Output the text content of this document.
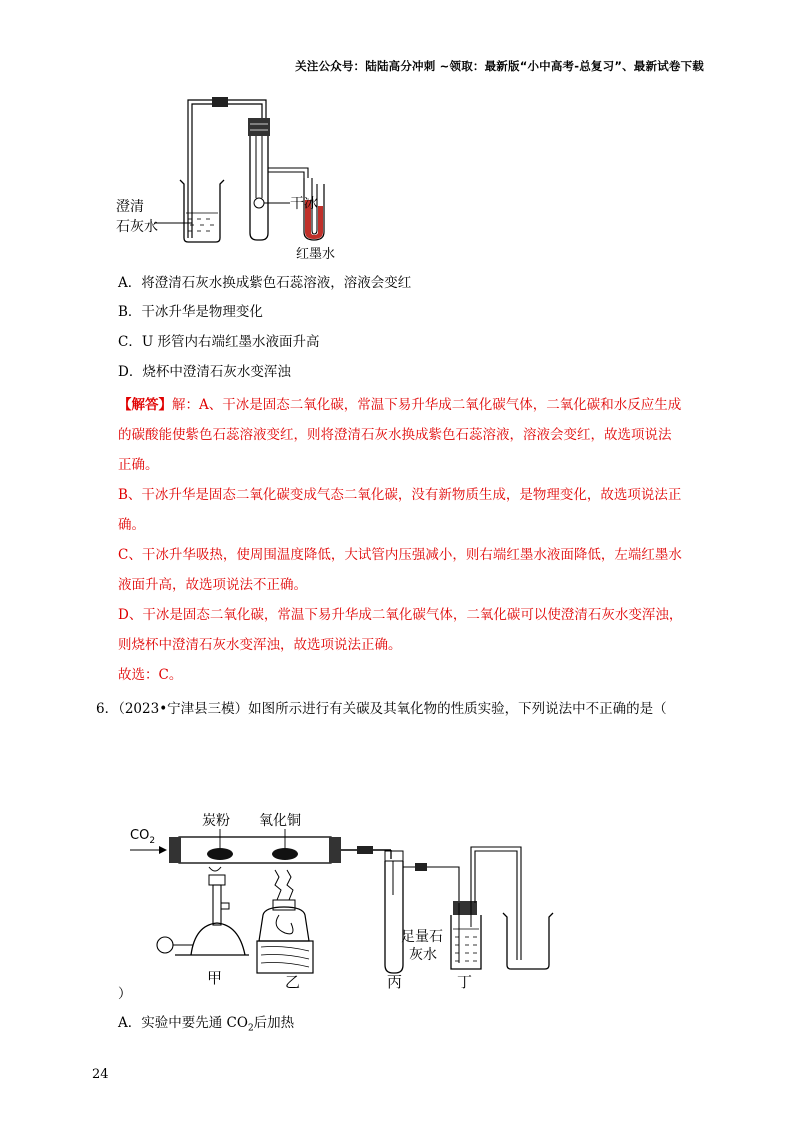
关注公众号：陆陆高分冲刺 ~领取：最新版“小中高考-总复习”、最新试卷下载
澄清
石灰水
干冰
红墨水
A．将澄清石灰水换成紫色石蕊溶液，溶液会变红
B．干冰升华是物理变化
C．U 形管内右端红墨水液面升高
D．烧杯中澄清石灰水变浑浊
【解答】解：A、干冰是固态二氧化碳，常温下易升华成二氧化碳气体，二氧化碳和水反应生成
的碳酸能使紫色石蕊溶液变红，则将澄清石灰水换成紫色石蕊溶液，溶液会变红，故选项说法
正确。
B、干冰升华是固态二氧化碳变成气态二氧化碳，没有新物质生成，是物理变化，故选项说法正
确。
C、干冰升华吸热，使周围温度降低，大试管内压强减小，则右端红墨水液面降低，左端红墨水
液面升高，故选项说法不正确。
D、干冰是固态二氧化碳，常温下易升华成二氧化碳气体，二氧化碳可以使澄清石灰水变浑浊，
则烧杯中澄清石灰水变浑浊，故选项说法正确。
故选：C。
6．（2023•宁津县三模）如图所示进行有关碳及其氧化物的性质实验，下列说法中不正确的是（
$CO_2$
炭粉 氧化铜
甲	乙	丙
足量石
灰水
丁
）
A．实验中要先通 $CO_2$后加热
24
